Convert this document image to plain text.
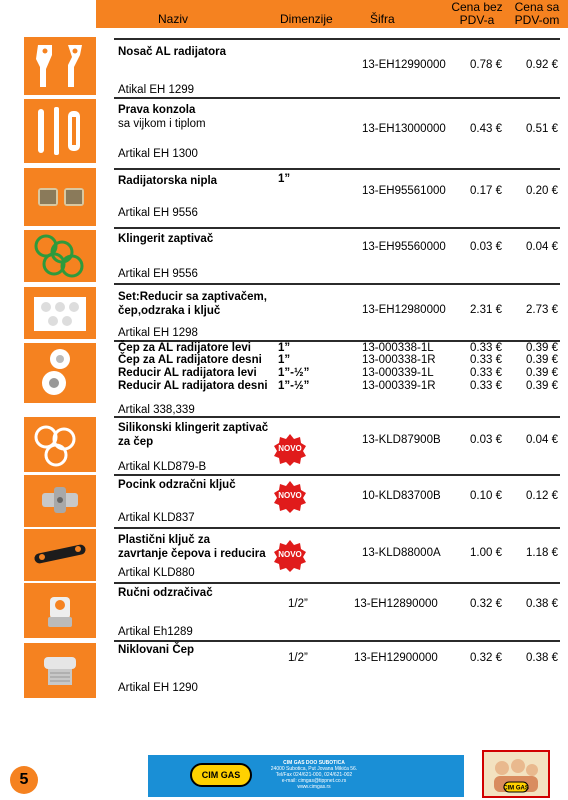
Naziv	Dimenzije	Šifra
Cena bez
PDV-a
Cena sa
PDV-om
Nosač AL radijatora
13-EH12990000	0.78 €	0.92 €
Atikal EH 1299
Prava konzola
sa vijkom i tiplom	13-EH13000000	0.43 €	0.51 €
Artikal EH 1300
Radijatorska nipla	1”
13-EH95561000	0.17 €	0.20 €
Artikal EH 9556
Klingerit zaptivač
13-EH95560000	0.03 €	0.04 €
Artikal EH 9556
Set:Reducir sa zaptivačem,
čep,odzraka i ključ	13-EH12980000	2.31 €	2.73 €
Artikal EH 1298
Čep za AL radijatore levi 1”	13-000338-1L	0.33 €	0.39 €
Čep za AL radijatore desni 1”	13-000338-1R	0.33 €	0.39 €
Reducir AL radijatora levi 1”-½”	13-000339-1L	0.33 €	0.39 €
Reducir AL radijatora desni 1”-½”	13-000339-1R	0.33 €	0.39 €
Artikal 338,339
Silikonski klingerit zaptivač
za čep
NOVO
13-KLD87900B	0.03 €	0.04 €
Artikal KLD879-B
Pocink odzračni ključ
NOVO	10-KLD83700B	0.10 €	0.12 €
Artikal KLD837
Plastični ključ za
zavrtanje čepova i reducira	NOVO	13-KLD88000A	1.00 €	1.18 €
Artikal KLD880
Ručni odzračivač
1/2”	13-EH12890000	0.32 €	0.38 €
Artikal Eh1289
Niklovani Čep
1/2”	13-EH12900000	0.32 €	0.38 €
Artikal EH 1290
5	CIM GAS
CIM GAS DOO SUBOTICA
24000 Subotica, Put Jovana Mikića 56.
Tel/Fax 024/621-000, 024/621-002
e-mail: cimgas@tippnet.co.rs
www.cimgas.rs	CIM GAS
